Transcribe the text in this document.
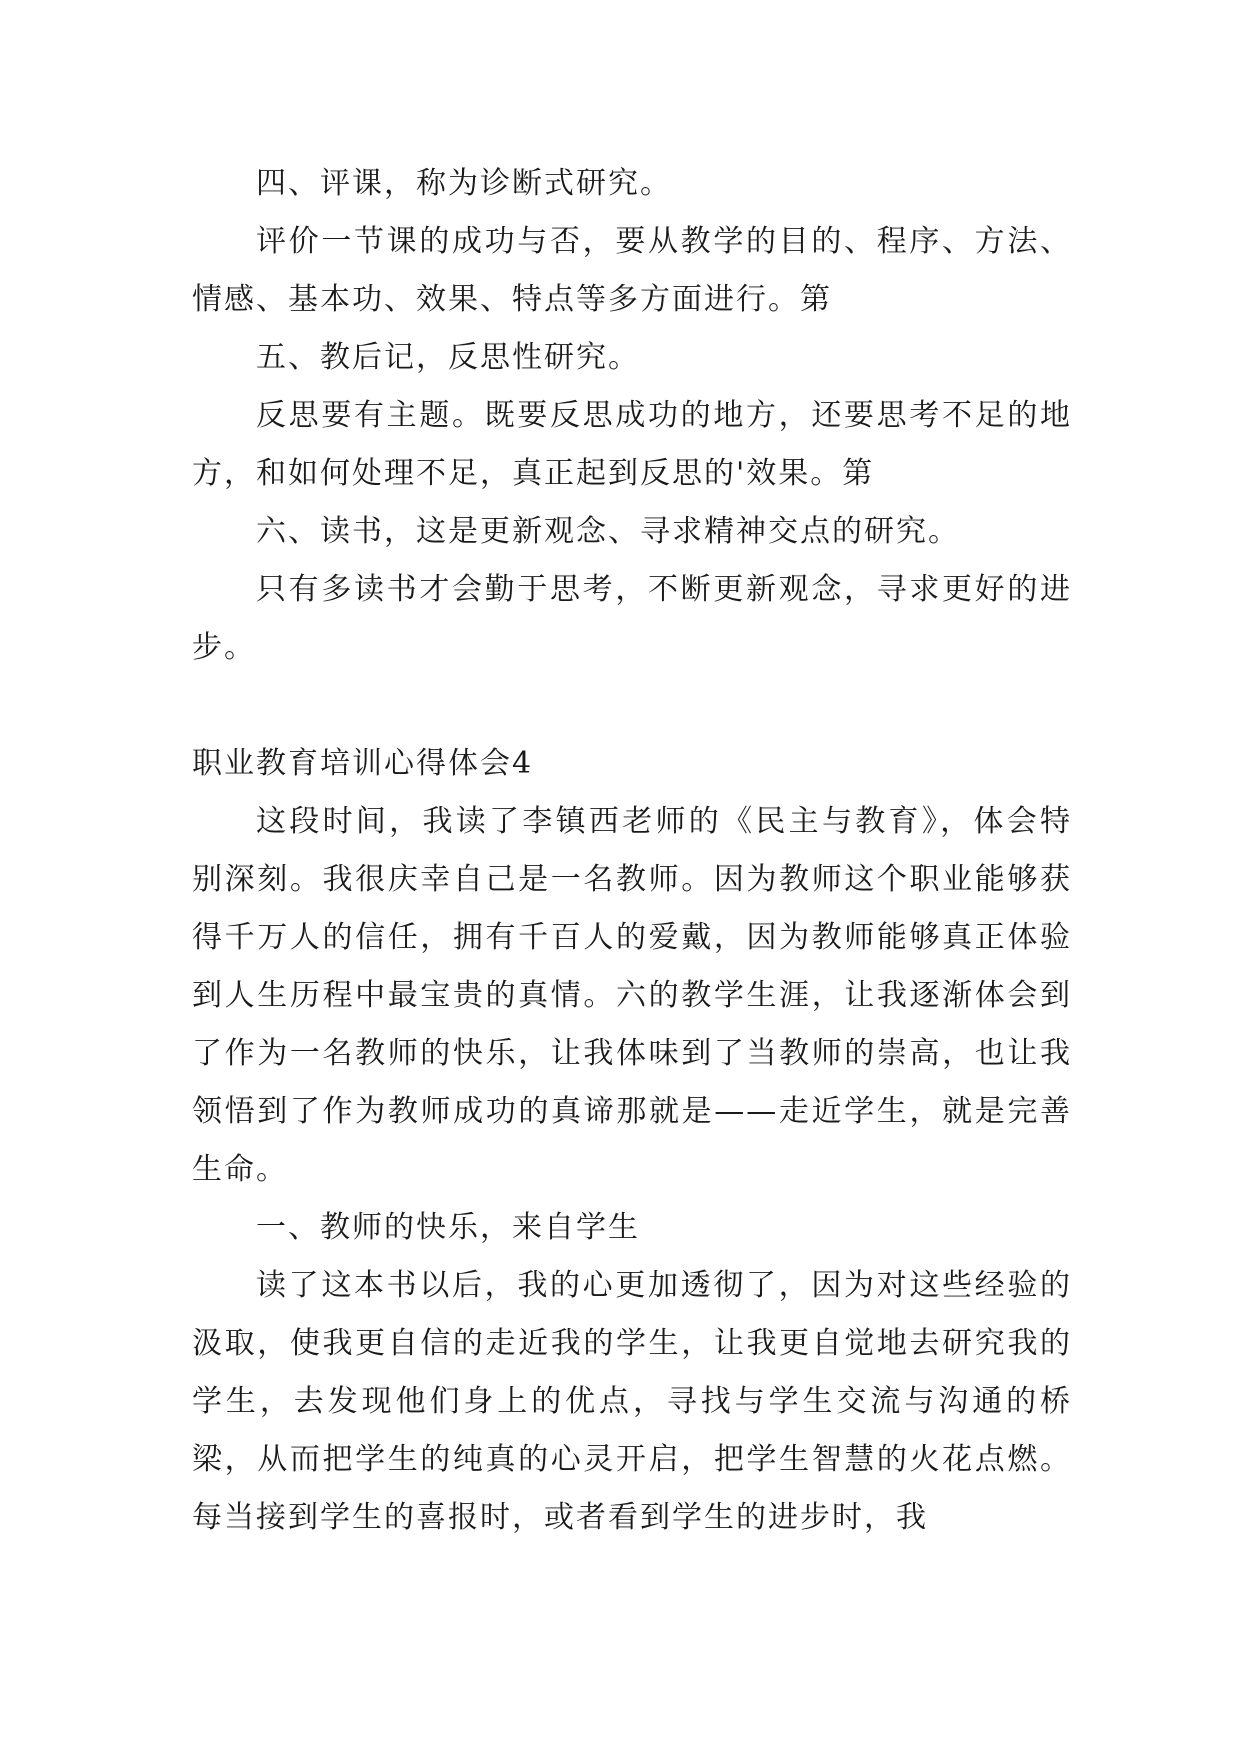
四、评课，称为诊断式研究。

评价一节课的成功与否，要从教学的目的、程序、方法、情感、基本功、效果、特点等多方面进行。第

五、教后记，反思性研究。

反思要有主题。既要反思成功的地方，还要思考不足的地方，和如何处理不足，真正起到反思的'效果。第

六、读书，这是更新观念、寻求精神交点的研究。

只有多读书才会勤于思考，不断更新观念，寻求更好的进步。

职业教育培训心得体会4

这段时间，我读了李镇西老师的《民主与教育》，体会特别深刻。我很庆幸自己是一名教师。因为教师这个职业能够获得千万人的信任，拥有千百人的爱戴，因为教师能够真正体验到人生历程中最宝贵的真情。六的教学生涯，让我逐渐体会到了作为一名教师的快乐，让我体味到了当教师的崇高，也让我领悟到了作为教师成功的真谛那就是——走近学生，就是完善生命。

一、教师的快乐，来自学生

读了这本书以后，我的心更加透彻了，因为对这些经验的汲取，使我更自信的走近我的学生，让我更自觉地去研究我的学生，去发现他们身上的优点，寻找与学生交流与沟通的桥梁，从而把学生的纯真的心灵开启，把学生智慧的火花点燃。每当接到学生的喜报时，或者看到学生的进步时，我
